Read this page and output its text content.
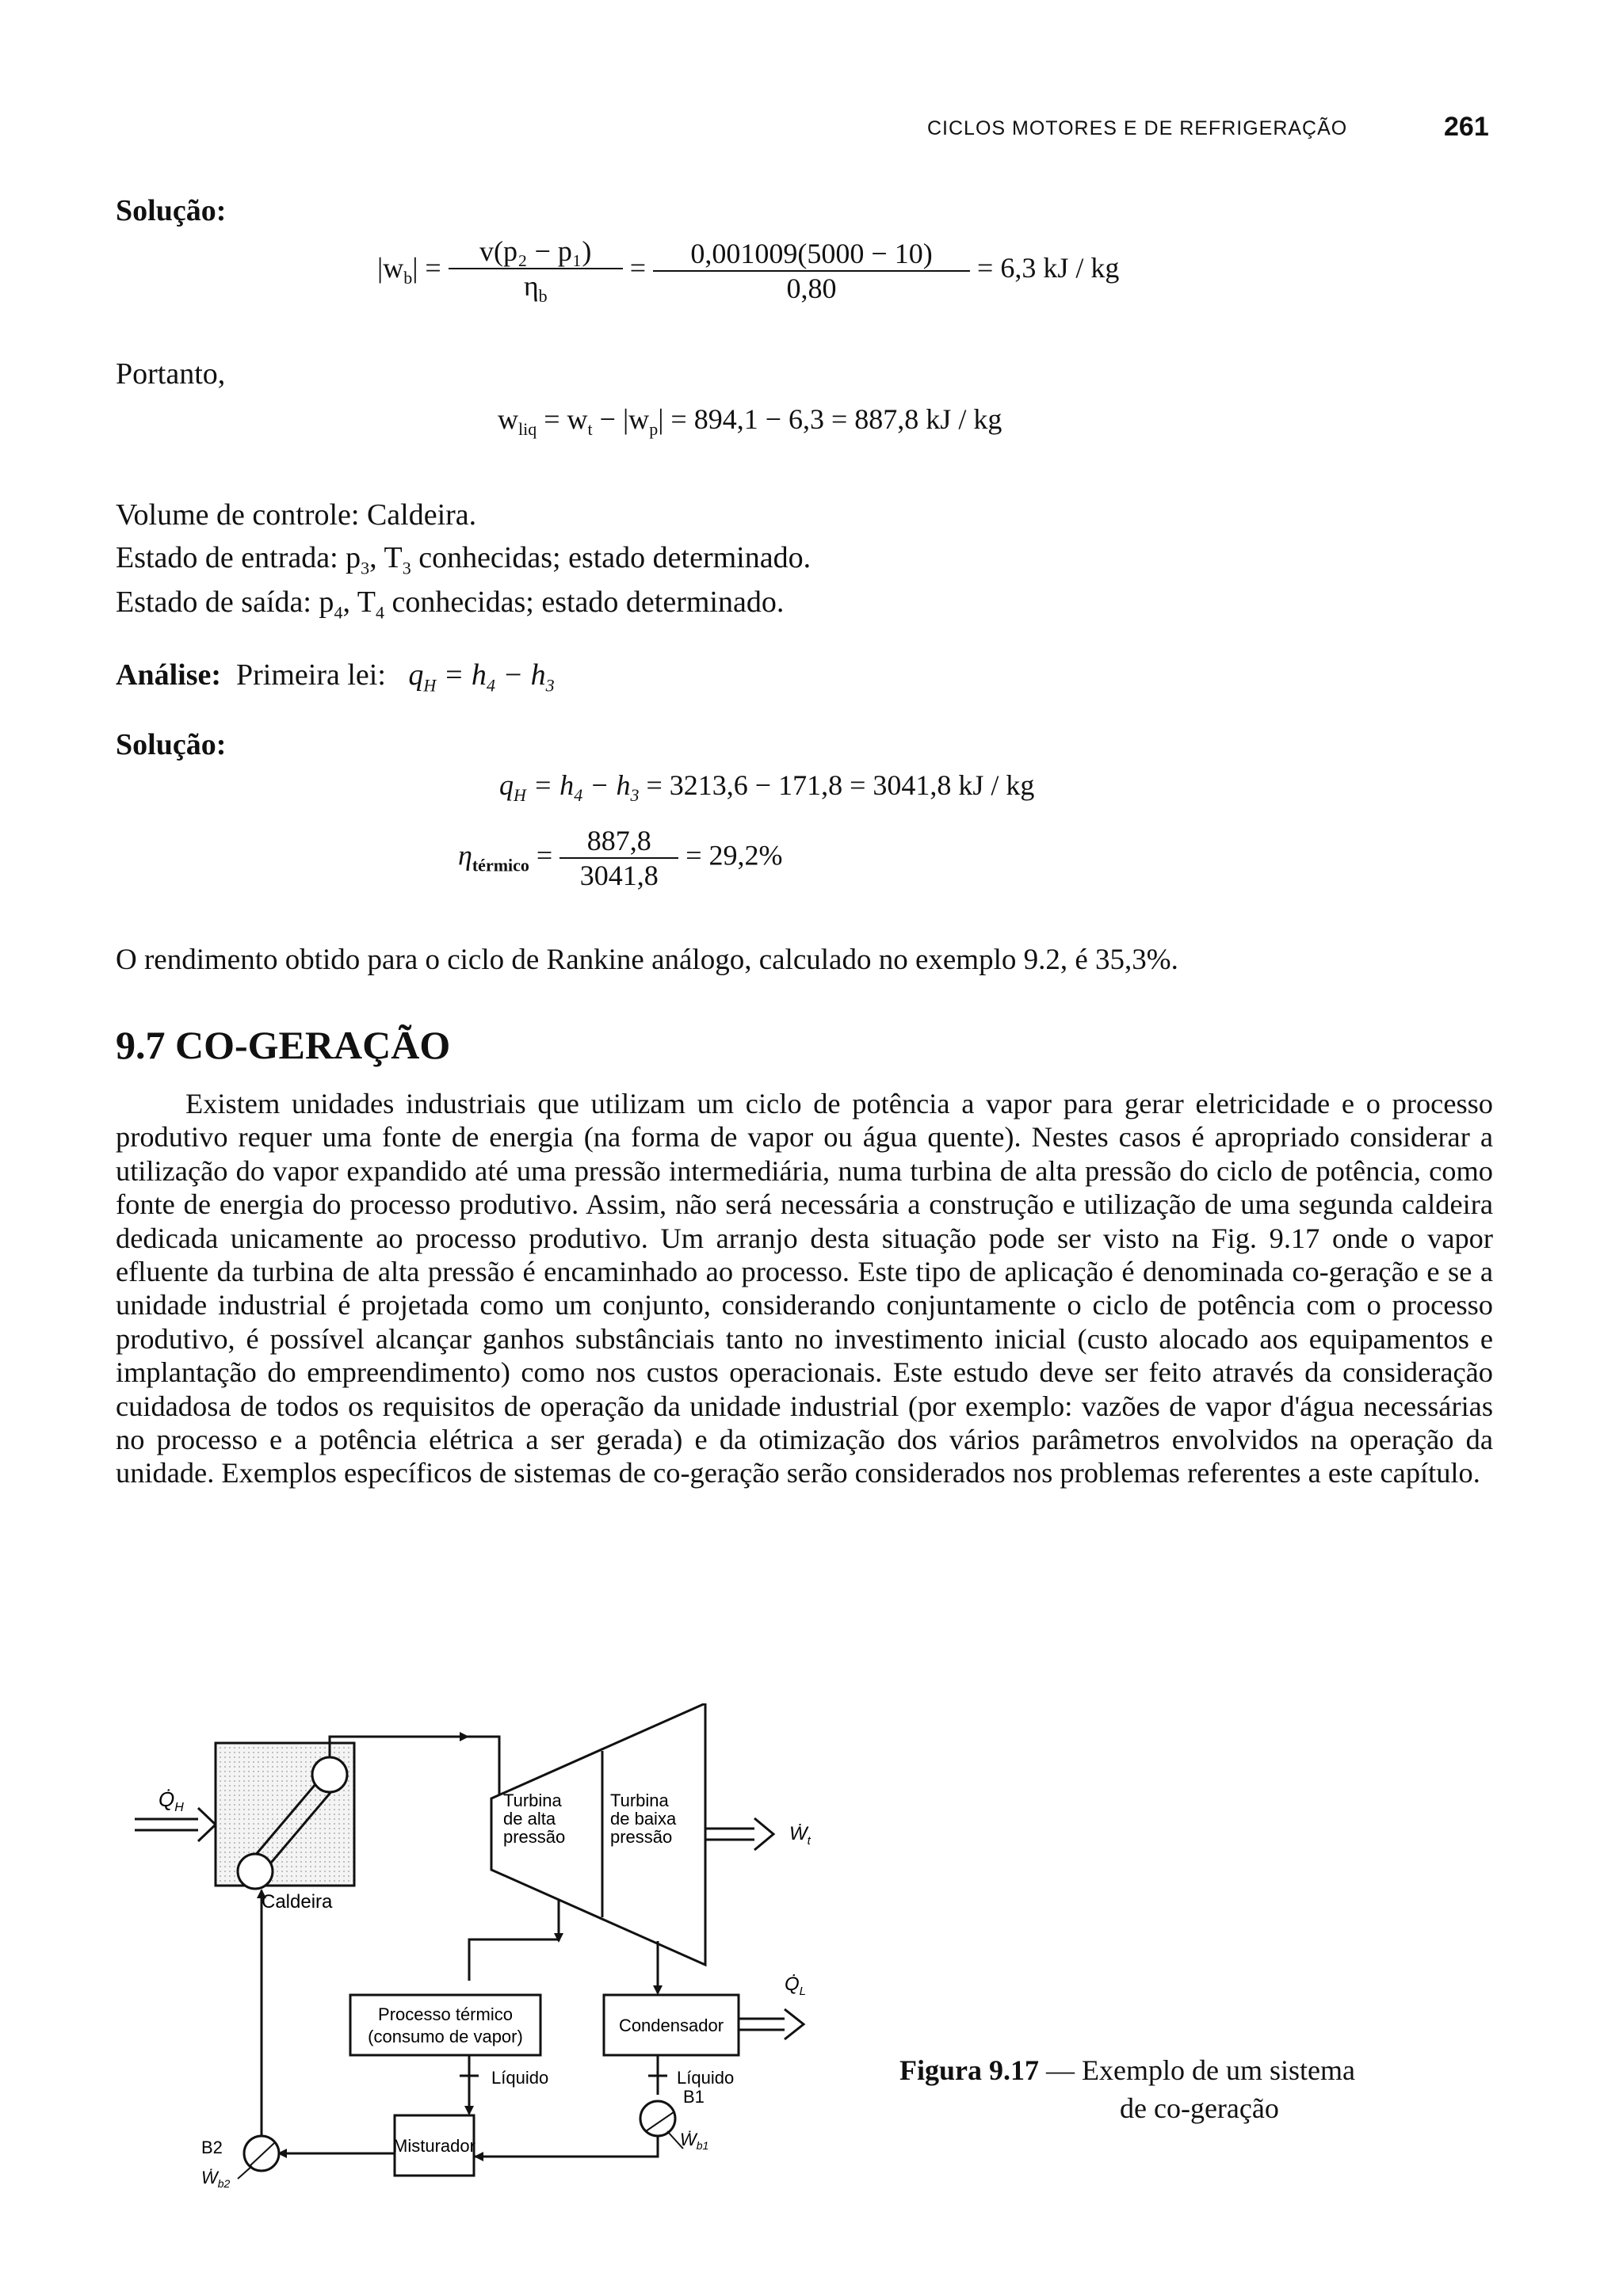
CICLOS MOTORES E DE REFRIGERAÇÃO	261
Solução:
$|w_b| = \frac{\text{v(p₂ − p₁)}}{\eta_b} = \frac{0,001009(5000 - 10)}{0,80} = 6,3$ kJ / kg
Portanto,
$w_{liq} = w_t - |w_p| = 894,1 - 6,3 = 887,8$ kJ / kg
Volume de controle: Caldeira.
Estado de entrada: $p_3$, $T_3$ conhecidas; estado determinado.
Estado de saída: $p_4$, $T_4$ conhecidas; estado determinado.
Análise: Primeira lei: $q_H = h_4 - h_3$
Solução:
$q_H = h_4 - h_3 = 3213,6 - 171,8 = 3041,8$ kJ / kg
$\eta_{térmico} = \frac{887,8}{3041,8} = 29,2\%$
O rendimento obtido para o ciclo de Rankine análogo, calculado no exemplo 9.2, é 35,3%.
9.7 CO-GERAÇÃO
Existem unidades industriais que utilizam um ciclo de potência a vapor para gerar eletricidade e o processo produtivo requer uma fonte de energia (na forma de vapor ou água quente). Nestes casos é apropriado considerar a utilização do vapor expandido até uma pressão intermediária, numa turbina de alta pressão do ciclo de potência, como fonte de energia do processo produtivo. Assim, não será necessária a construção e utilização de uma segunda caldeira dedicada unicamente ao processo produtivo. Um arranjo desta situação pode ser visto na Fig. 9.17 onde o vapor efluente da turbina de alta pressão é encaminhado ao processo. Este tipo de aplicação é denominada co-geração e se a unidade industrial é projetada como um conjunto, considerando conjuntamente o ciclo de potência com o processo produtivo, é possível alcançar ganhos substânciais tanto no investimento inicial (custo alocado aos equipamentos e implantação do empreendimento) como nos custos operacionais. Este estudo deve ser feito através da consideração cuidadosa de todos os requisitos de operação da unidade industrial (por exemplo: vazões de vapor d'água necessárias no processo e a potência elétrica a ser gerada) e da otimização dos vários parâmetros envolvidos na operação da unidade. Exemplos específicos de sistemas de co-geração serão considerados nos problemas referentes a este capítulo.
$Q̇_H$
Caldeira
Turbina
de alta
pressão
Turbina
de baixa
pressão	Ẇ$_t$
Processo térmico
(consumo de vapor)
Condensador
$Q̇_L$
Líquido	Líquido
B1
Ẇ$_{b1}$
Misturador
B2
Ẇ$_{b2}$
Figura 9.17 — Exemplo de um sistema
de co-geração
